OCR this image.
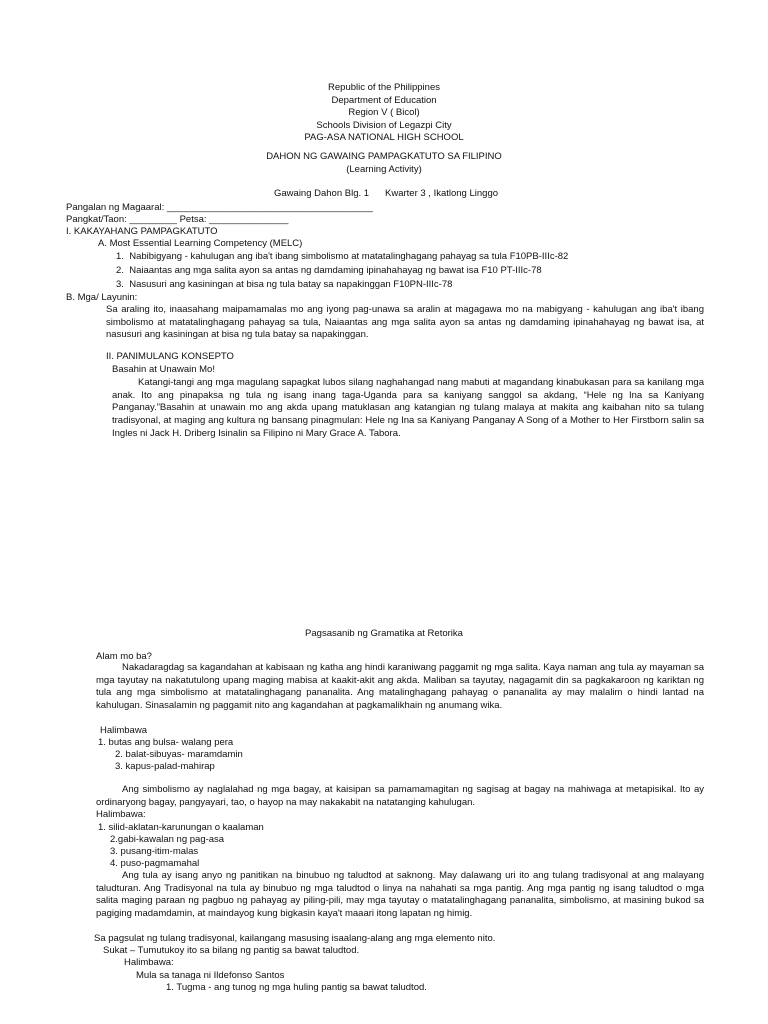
Republic of the Philippines
Department of Education
Region V ( Bicol)
Schools Division of Legazpi City
PAG-ASA NATIONAL HIGH SCHOOL
DAHON NG GAWAING PAMPAGKATUTO SA FILIPINO
(Learning Activity)
Gawaing Dahon Blg. 1 Kwarter 3 , Ikatlong Linggo
Pangalan ng Magaaral: _______________________________________
Pangkat/Taon: _________ Petsa: _______________
I. KAKAYAHANG PAMPAGKATUTO
A. Most Essential Learning Competency (MELC)
1.  Nabibigyang - kahulugan ang iba't ibang simbolismo at matatalinghagang pahayag sa tula F10PB-IIIc-82
2.  Naiaantas ang mga salita ayon sa antas ng damdaming ipinahahayag ng bawat isa F10 PT-IIIc-78
3.  Nasusuri ang kasiningan at bisa ng tula batay sa napakinggan F10PN-IIIc-78
B. Mga/ Layunin:
Sa araling ito, inaasahang maipamamalas mo ang iyong pag-unawa sa aralin at magagawa mo na mabigyang - kahulugan ang iba't ibang simbolismo at matatalinghagang pahayag sa tula, Naiaantas ang mga salita ayon sa antas ng damdaming ipinahahayag ng bawat isa, at nasusuri ang kasiningan at bisa ng tula batay sa napakinggan.
II. PANIMULANG KONSEPTO
Basahin at Unawain Mo!
Katangi-tangi ang mga magulang sapagkat lubos silang naghahangad nang mabuti at magandang kinabukasan para sa kanilang mga anak. Ito ang pinapaksa ng tula ng isang inang taga-Uganda para sa kaniyang sanggol sa akdang, “Hele ng Ina sa Kaniyang Panganay.”Basahin at unawain mo ang akda upang matuklasan ang katangian ng tulang malaya at makita ang kaibahan nito sa tulang tradisyonal, at maging ang kultura ng bansang pinagmulan: Hele ng Ina sa Kaniyang Panganay A Song of a Mother to Her Firstborn salin sa Ingles ni Jack H. Driberg Isinalin sa Filipino ni Mary Grace A. Tabora.
Pagsasanib ng Gramatika at Retorika
Alam mo ba?
Nakadaragdag sa kagandahan at kabisaan ng katha ang hindi karaniwang paggamit ng mga salita. Kaya naman ang tula ay mayaman sa mga tayutay na nakatutulong upang maging mabisa at kaakit-akit ang akda. Maliban sa tayutay, nagagamit din sa pagkakaroon ng kariktan ng tula ang mga simbolismo at matatalinghagang pananalita. Ang matalinghagang pahayag o pananalita ay may malalim o hindi lantad na kahulugan. Sinasalamin ng paggamit nito ang kagandahan at pagkamalikhain ng anumang wika.
Halimbawa
1. butas ang bulsa- walang pera
2. balat-sibuyas- maramdamin
3. kapus-palad-mahirap
Ang simbolismo ay naglalahad ng mga bagay, at kaisipan sa pamamamagitan ng sagisag at bagay na mahiwaga at metapisikal. Ito ay ordinaryong bagay, pangyayari, tao, o hayop na may nakakabit na natatanging kahulugan.
Halimbawa:
1. silid-aklatan-karunungan o kaalaman
2.gabi-kawalan ng pag-asa
3. pusang-itim-malas
4. puso-pagmamahal
Ang tula ay isang anyo ng panitikan na binubuo ng taludtod at saknong. May dalawang uri ito ang tulang tradisyonal at ang malayang taludturan. Ang Tradisyonal na tula ay binubuo ng mga taludtod o linya na nahahati sa mga pantig. Ang mga pantig ng isang taludtod o mga salita maging paraan ng pagbuo ng pahayag ay piling-pili, may mga tayutay o matatalinghagang pananalita, simbolismo, at masining bukod sa pagiging madamdamin, at maindayog kung bigkasin kaya't maaari itong lapatan ng himig.
Sa pagsulat ng tulang tradisyonal, kailangang masusing isaalang-alang ang mga elemento nito.
Sukat – Tumutukoy ito sa bilang ng pantig sa bawat taludtod.
Halimbawa:
Mula sa tanaga ni Ildefonso Santos
1. Tugma - ang tunog ng mga huling pantig sa bawat taludtod.
